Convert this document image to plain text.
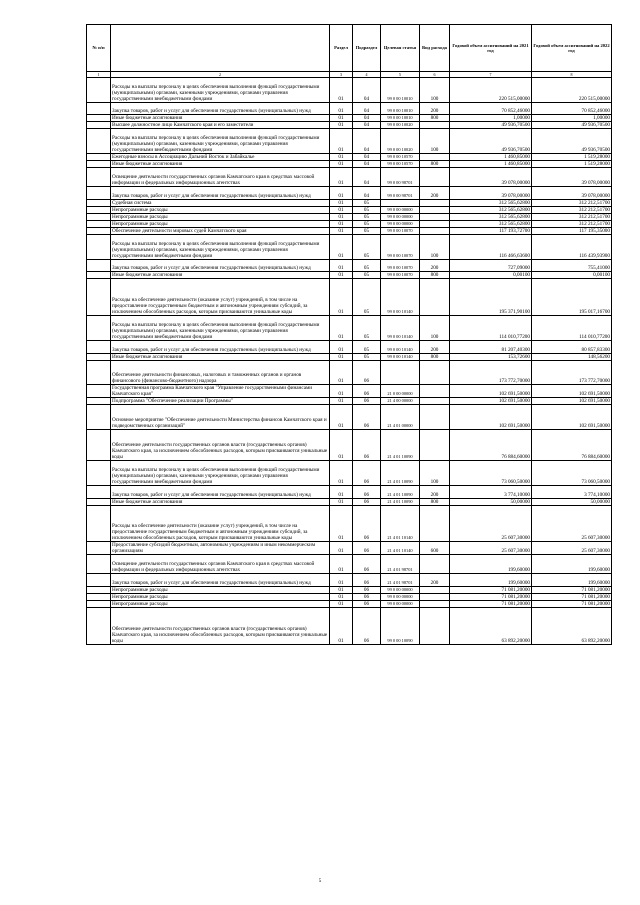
№ п/п		Раздел	Подраздел	Целевая статья	Вид расхода	Годовой объем ассигнований на 2021 год	Годовой объем ассигнований на 2022 год
1	2	3	4	5	6	7	8
	Расходы на выплаты персоналу в целях обеспечения выполнения функций государственными (муниципальными) органами, казенными учреждениями, органами управления государственными внебюджетными фондами	01	04	99 0 00 10010	100	220 515,00000	220 515,00000
	Закупка товаров, работ и услуг для обеспечения государственных (муниципальных) нужд	01	04	99 0 00 10010	200	70 852,46000	70 852,46000
	Иные бюджетные ассигнования	01	04	99 0 00 10010	800	1,00000	1,00000
	Высшее должностное лицо Камчатского края и его заместители	01	04	99 0 00 10020		49 936,70500	49 936,70500
	Расходы на выплаты персоналу в целях обеспечения выполнения функций государственными (муниципальными) органами, казенными учреждениями, органами управления государственными внебюджетными фондами	01	04	99 0 00 10020	100	49 936,70500	49 936,70500
	Ежегодные взносы в Ассоциацию Дальний Восток и Забайкалье	01	04	99 0 00 10570		1 460,85000	1 519,28000
	Иные бюджетные ассигнования	01	04	99 0 00 10570	800	1 460,85000	1 519,28000
	Освещение деятельности государственных органов Камчатского края в средствах массовой информации и федеральных информационных агентствах	01	04	99 0 00 98701		39 078,00000	39 078,00000
	Закупка товаров, работ и услуг для обеспечения государственных (муниципальных) нужд	01	04	99 0 00 98701	200	39 078,00000	39 078,00000
	Судебная система	01	05			312 565,62800	312 212,51700
	Непрограммные расходы	01	05	99 0 00 00000		312 565,62800	312 212,51700
	Непрограммные расходы	01	05	99 0 00 00000		312 565,62800	312 212,51700
	Непрограммные расходы	01	05	99 0 00 00000		312 565,62800	312 212,51700
	Обеспечение деятельности мировых судей Камчатского края	01	05	99 0 00 10070		117 193,72700	117 195,35000
	Расходы на выплаты персоналу в целях обеспечения выполнения функций государственными (муниципальными) органами, казенными учреждениями, органами управления государственными внебюджетными фондами	01	05	99 0 00 10070	100	116 466,63600	116 439,93900
	Закупка товаров, работ и услуг для обеспечения государственных (муниципальных) нужд	01	05	99 0 00 10070	200	727,09000	755,41000
	Иные бюджетные ассигнования	01	05	99 0 00 10070	800	0,00100	0,00100
	Расходы на обеспечение деятельности (оказание услуг) учреждений, в том числе на предоставление государственным бюджетным и автономным учреждениям субсидий, за исключением обособленных расходов, которым присваиваются уникальные коды	01	05	99 0 00 10140		195 371,90100	195 017,16700
	Расходы на выплаты персоналу в целях обеспечения выполнения функций государственными (муниципальными) органами, казенными учреждениями, органами управления государственными внебюджетными фондами	01	05	99 0 00 10140	100	114 010,77200	114 010,77200
	Закупка товаров, работ и услуг для обеспечения государственных (муниципальных) нужд	01	05	99 0 00 10140	200	81 207,40300	80 857,83300
	Иные бюджетные ассигнования	01	05	99 0 00 10140	800	153,72600	148,56200
	Обеспечение деятельности финансовых, налоговых и таможенных органов и органов финансового (финансово-бюджетного) надзора	01	06			173 772,70000	173 772,70000
	Государственная программа Камчатского края "Управление государственными финансами Камчатского края"	01	06	21 0 00 00000		102 691,50000	102 691,50000
	Подпрограмма "Обеспечение реализации Программы"	01	06	21 4 00 00000		102 691,50000	102 691,50000
	Основное мероприятие "Обеспечение деятельности Министерства финансов Камчатского края и подведомственных организаций"	01	06	21 4 01 00000		102 691,50000	102 691,50000
	Обеспечение деятельности государственных органов власти (государственных органов) Камчатского края, за исключением обособленных расходов, которым присваиваются уникальные коды	01	06	21 4 01 10090		76 884,60000	76 884,60000
	Расходы на выплаты персоналу в целях обеспечения выполнения функций государственными (муниципальными) органами, казенными учреждениями, органами управления государственными внебюджетными фондами	01	06	21 4 01 10090	100	73 060,50000	73 060,50000
	Закупка товаров, работ и услуг для обеспечения государственных (муниципальных) нужд	01	06	21 4 01 10090	200	3 774,10000	3 774,10000
	Иные бюджетные ассигнования	01	06	21 4 01 10090	800	50,00000	50,00000
	Расходы на обеспечение деятельности (оказание услуг) учреждений, в том числе на предоставление государственным бюджетным и автономным учреждениям субсидий, за исключением обособленных расходов, которым присваиваются уникальные коды	01	06	21 4 01 10140		25 607,30000	25 607,30000
	Предоставление субсидий бюджетным, автономным учреждениям и иным некоммерческим организациям	01	06	21 4 01 10140	600	25 607,30000	25 607,30000
	Освещение деятельности государственных органов Камчатского края в средствах массовой информации и федеральных информационных агентствах	01	06	21 4 01 98701		199,60000	199,60000
	Закупка товаров, работ и услуг для обеспечения государственных (муниципальных) нужд	01	06	21 4 01 98701	200	199,60000	199,60000
	Непрограммные расходы	01	06	99 0 00 00000		71 081,20000	71 081,20000
	Непрограммные расходы	01	06	99 0 00 00000		71 081,20000	71 081,20000
	Непрограммные расходы	01	06	99 0 00 00000		71 081,20000	71 081,20000
	Обеспечение деятельности государственных органов власти (государственных органов) Камчатского края, за исключением обособленных расходов, которым присваиваются уникальные коды	01	06	99 0 00 10090		63 892,20000	63 892,20000
5
